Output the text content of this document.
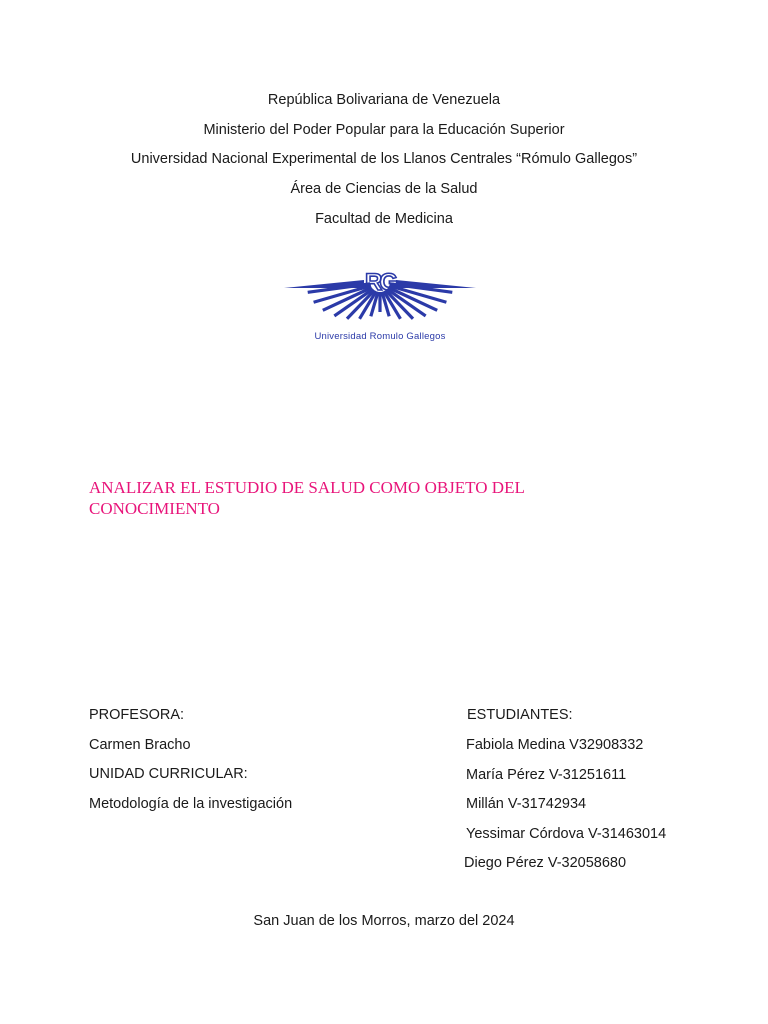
República Bolivariana de Venezuela

Ministerio del Poder Popular para la Educación Superior

Universidad Nacional Experimental de los Llanos Centrales “Rómulo Gallegos”

Área de Ciencias de la Salud

Facultad de Medicina

RG
Universidad Romulo Gallegos
ANALIZAR EL ESTUDIO DE SALUD COMO OBJETO DEL CONOCIMIENTO

PROFESORA:

Carmen Bracho

UNIDAD CURRICULAR:

Metodología de la investigación

ESTUDIANTES:

Fabiola Medina V32908332

María Pérez V-31251611

Millán V-31742934

Yessimar Córdova V-31463014

Diego Pérez V-32058680

San Juan de los Morros, marzo del 2024
